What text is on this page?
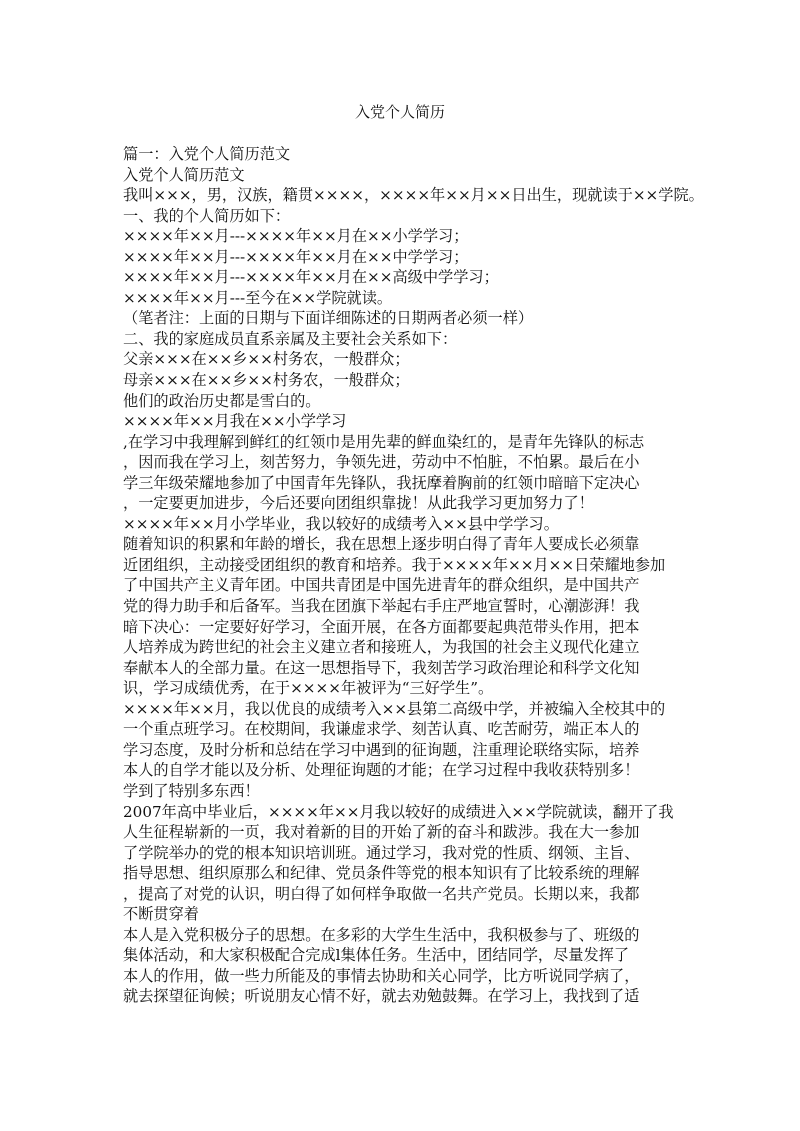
入党个人简历
篇一：入党个人简历范文
入党个人简历范文
我叫×××，男，汉族，籍贯××××，××××年××月××日出生，现就读于××学院。
一、我的个人简历如下：
××××年××月---××××年××月在××小学学习；
××××年××月---××××年××月在××中学学习；
××××年××月---××××年××月在××高级中学学习；
××××年××月---至今在××学院就读。
（笔者注：上面的日期与下面详细陈述的日期两者必须一样）
二、我的家庭成员直系亲属及主要社会关系如下：
父亲×××在××乡××村务农，一般群众；
母亲×××在××乡××村务农，一般群众；
他们的政治历史都是雪白的。
××××年××月我在××小学学习
,在学习中我理解到鲜红的红领巾是用先辈的鲜血染红的，是青年先锋队的标志
，因而我在学习上，刻苦努力，争领先进，劳动中不怕脏，不怕累。最后在小
学三年级荣耀地参加了中国青年先锋队，我抚摩着胸前的红领巾暗暗下定决心
，一定要更加进步，今后还要向团组织靠拢！从此我学习更加努力了！
××××年××月小学毕业，我以较好的成绩考入××县中学学习。
随着知识的积累和年龄的增长，我在思想上逐步明白得了青年人要成长必须靠
近团组织，主动接受团组织的教育和培养。我于××××年××月××日荣耀地参加
了中国共产主义青年团。中国共青团是中国先进青年的群众组织，是中国共产
党的得力助手和后备军。当我在团旗下举起右手庄严地宣誓时，心潮澎湃！我
暗下决心：一定要好好学习，全面开展，在各方面都要起典范带头作用，把本
人培养成为跨世纪的社会主义建立者和接班人，为我国的社会主义现代化建立
奉献本人的全部力量。在这一思想指导下，我刻苦学习政治理论和科学文化知
识，学习成绩优秀，在于××××年被评为“三好学生”。
××××年××月，我以优良的成绩考入××县第二高级中学，并被编入全校其中的
一个重点班学习。在校期间，我谦虚求学、刻苦认真、吃苦耐劳，端正本人的
学习态度，及时分析和总结在学习中遇到的征询题，注重理论联络实际，培养
本人的自学才能以及分析、处理征询题的才能；在学习过程中我收获特别多！
学到了特别多东西！
2007年高中毕业后，××××年××月我以较好的成绩进入××学院就读，翻开了我
人生征程崭新的一页，我对着新的目的开始了新的奋斗和跋涉。我在大一参加
了学院举办的党的根本知识培训班。通过学习，我对党的性质、纲领、主旨、
指导思想、组织原那么和纪律、党员条件等党的根本知识有了比较系统的理解
，提高了对党的认识，明白得了如何样争取做一名共产党员。长期以来，我都
不断贯穿着
本人是入党积极分子的思想。在多彩的大学生生活中，我积极参与了、班级的
集体活动，和大家积极配合完成l集体任务。生活中，团结同学，尽量发挥了
本人的作用，做一些力所能及的事情去协助和关心同学，比方听说同学病了，
就去探望征询候；听说朋友心情不好，就去劝勉鼓舞。在学习上，我找到了适
